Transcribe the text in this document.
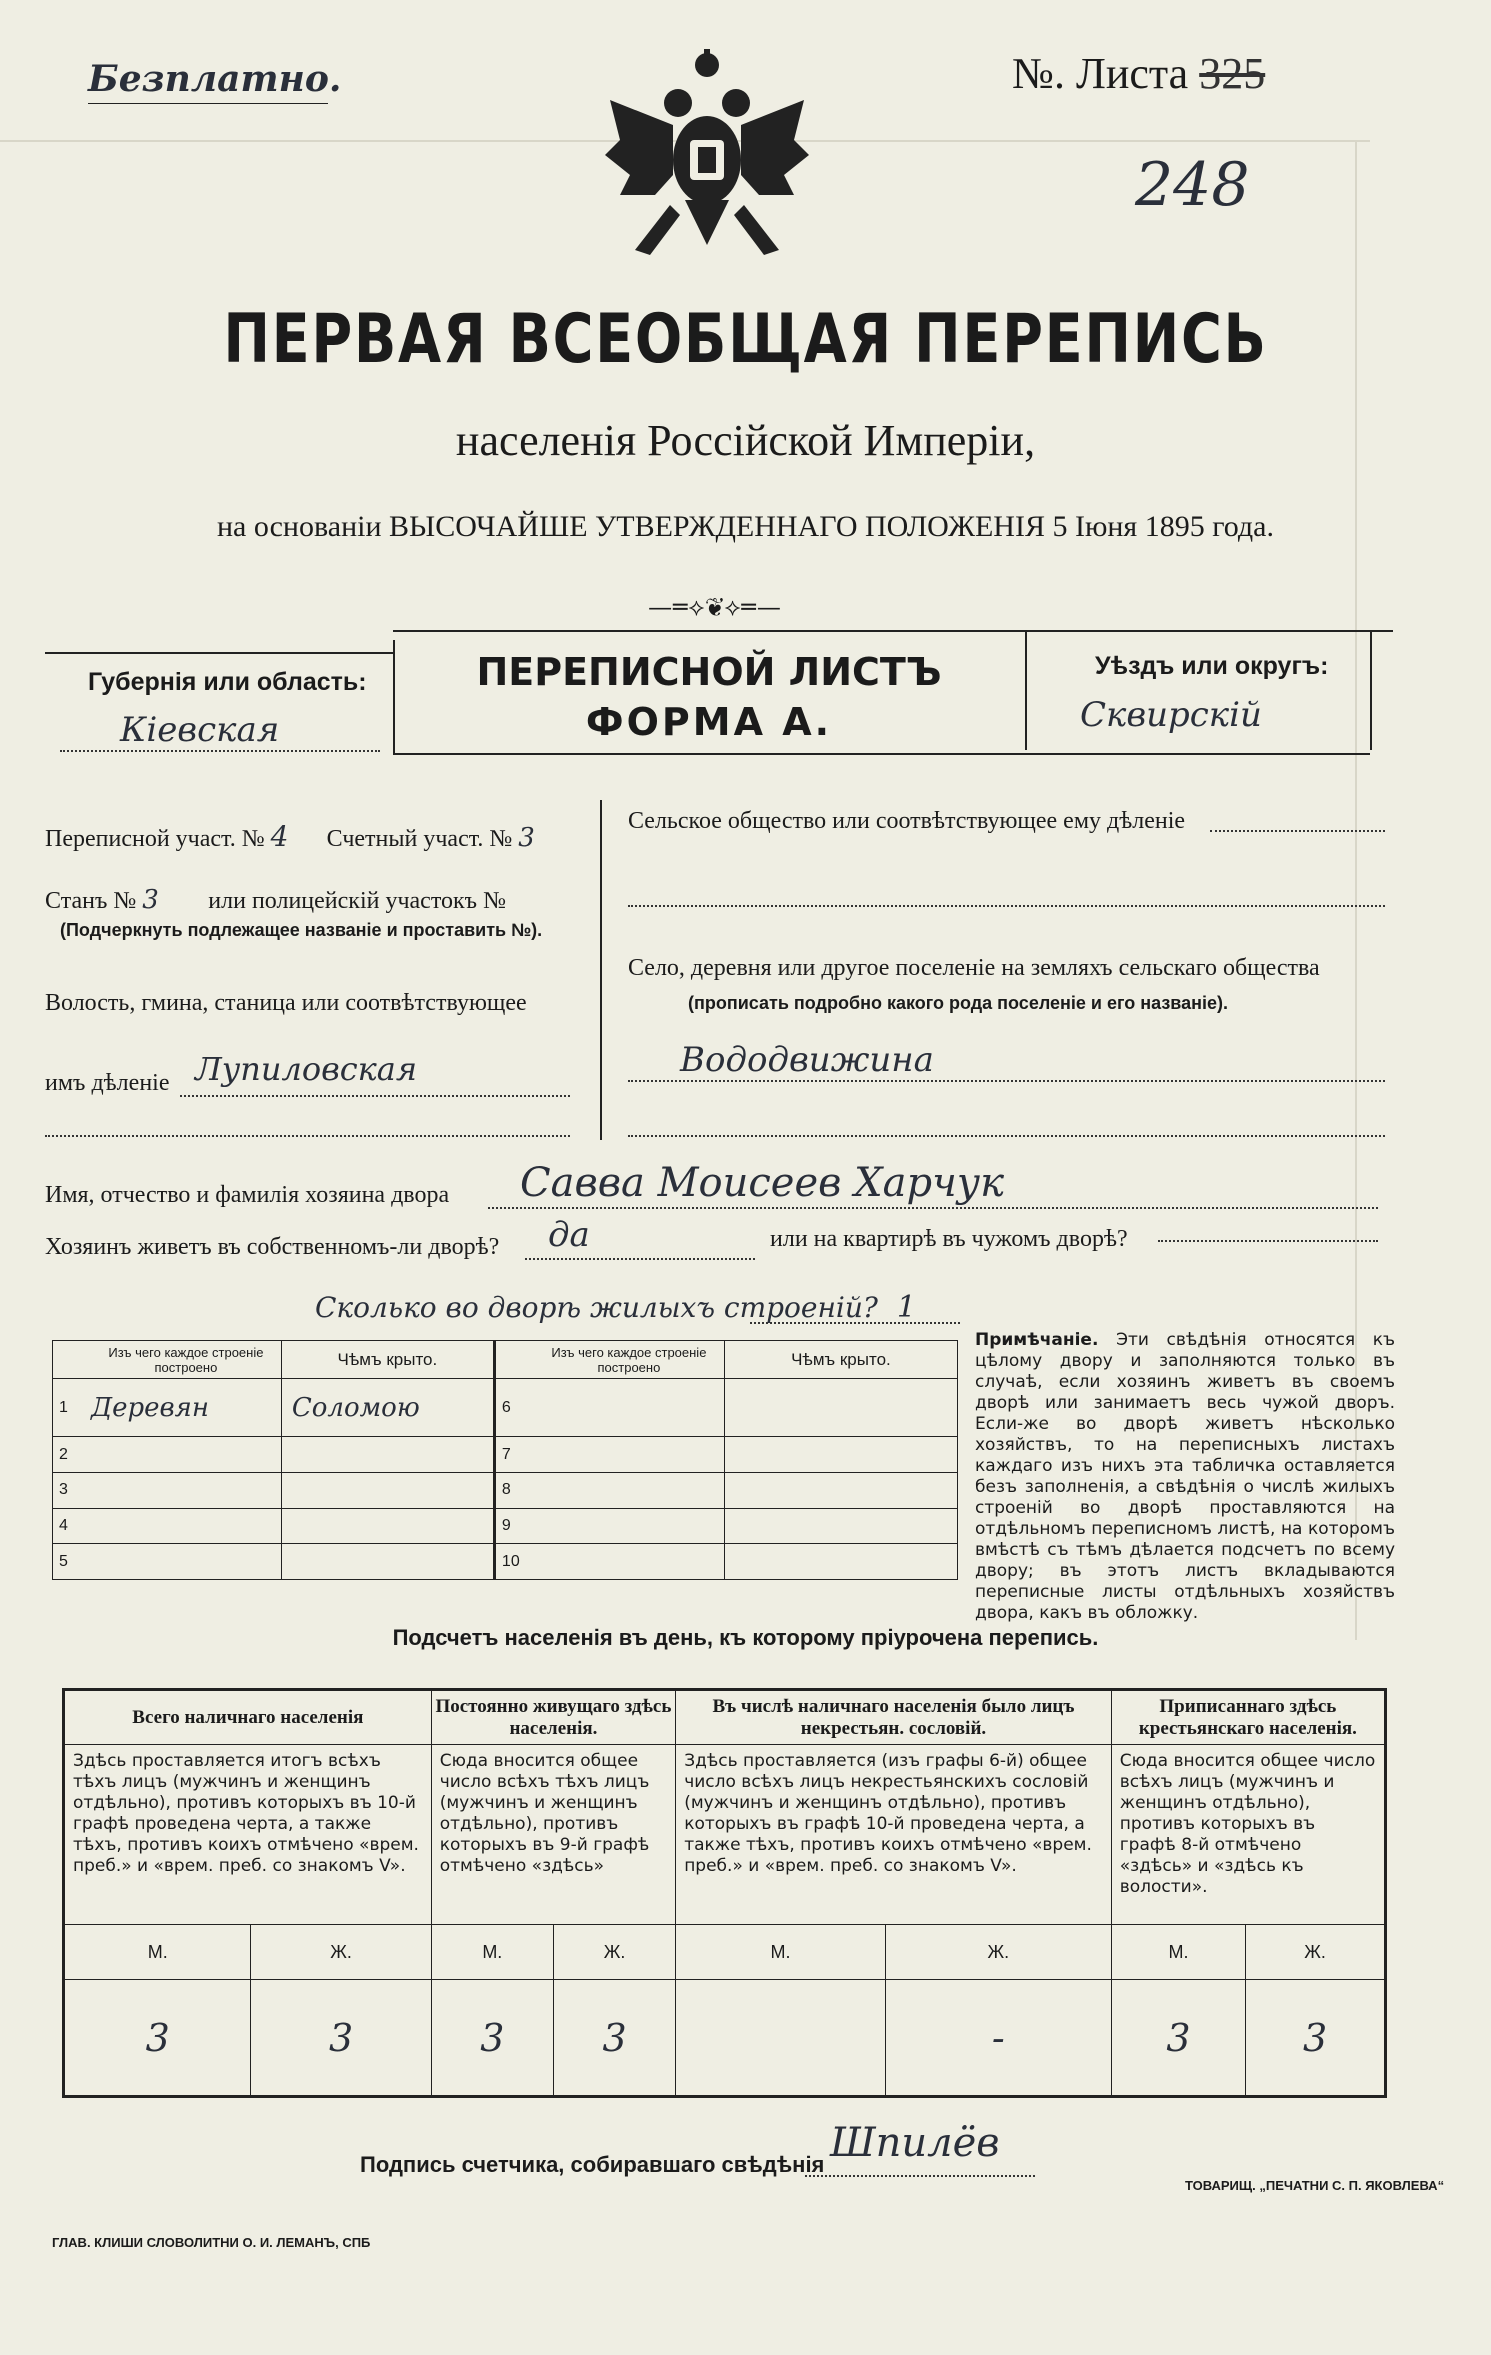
Безплатно.	№. Листа 325
248
ПЕРВАЯ ВСЕОБЩАЯ ПЕРЕПИСЬ
населенія Россійской Имперіи,
на основаніи ВЫСОЧАЙШЕ УТВЕРЖДЕННАГО ПОЛОЖЕНІЯ 5 Іюня 1895 года.
—═⟡❦⟡═—
Губернія или область:
Кіевская
ПЕРЕПИСНОЙ ЛИСТЪ
ФОРМА А.
Уѣздъ или округъ:
Сквирскій
Переписной участ. № 4 Счетный участ. № 3
Станъ № 3 или полицейскій участокъ №
(Подчеркнуть подлежащее названіе и проставить №).
Волость, гмина, станица или соотвѣтствующее
имъ дѣленіе Лупиловская
Сельское общество или соотвѣтствующее ему дѣленіе
Село, деревня или другое поселеніе на земляхъ сельскаго общества
(прописать подробно какого рода поселеніе и его названіе).
Вододвижина
Имя, отчество и фамилія хозяина двора Савва Моисеев Харчук
Хозяинъ живетъ въ собственномъ-ли дворѣ? да	или на квартирѣ въ чужомъ дворѣ?
Сколько во дворѣ жилыхъ строеній? 1
	Изъ чего каждое строеніе построено	Чѣмъ крыто.		Изъ чего каждое строеніе построено	Чѣмъ крыто.
1	Деревян	Соломою	6		
2			7		
3			8		
4			9		
5			10		
Примѣчаніе. Эти свѣдѣнія относятся къ цѣлому двору и заполняются только въ случаѣ, если хозяинъ живетъ въ своемъ дворѣ или занимаетъ весь чужой дворъ. Если-же во дворѣ живетъ нѣсколько хозяйствъ, то на переписныхъ листахъ каждаго изъ нихъ эта табличка оставляется безъ заполненія, а свѣдѣнія о числѣ жилыхъ строеній во дворѣ проставляются на отдѣльномъ переписномъ листѣ, на которомъ вмѣстѣ съ тѣмъ дѣлается подсчетъ по всему двору; въ этотъ листъ вкладываются переписные листы отдѣльныхъ хозяйствъ двора, какъ въ обложку.
Подсчетъ населенія въ день, къ которому пріурочена перепись.
Всего наличнаго населенія		Постоянно живущаго здѣсь населенія.		Въ числѣ наличнаго населенія было лицъ некрестьян. сословій.		Приписаннаго здѣсь крестьянскаго населенія.	
Здѣсь проставляется итогъ всѣхъ тѣхъ лицъ (мужчинъ и женщинъ отдѣльно), противъ которыхъ въ 10-й графѣ проведена черта, а также тѣхъ, противъ коихъ отмѣчено «врем. преб.» и «врем. преб. со знакомъ V».		Сюда вносится общее число всѣхъ тѣхъ лицъ (мужчинъ и женщинъ отдѣльно), противъ которыхъ въ 9-й графѣ отмѣчено «здѣсь»		Здѣсь проставляется (изъ графы 6-й) общее число всѣхъ лицъ некрестьянскихъ сословій (мужчинъ и женщинъ отдѣльно), противъ которыхъ въ графѣ 10-й проведена черта, а также тѣхъ, противъ коихъ отмѣчено «врем. преб.» и «врем. преб. со знакомъ V».		Сюда вносится общее число всѣхъ лицъ (мужчинъ и женщинъ отдѣльно), противъ которыхъ въ графѣ 8-й отмѣчено «здѣсь» и «здѣсь къ волости».	
М.	Ж.	М.	Ж.	М.	Ж.	М.	Ж.
3	3	3	3		-	3	3
Подпись счетчика, собиравшаго свѣдѣнія Шпилёв
ГЛАВ. КЛИШИ СЛОВОЛИТНИ О. И. ЛЕМАНЪ, СПБ
ТОВАРИЩ. „ПЕЧАТНИ С. П. ЯКОВЛЕВА“
